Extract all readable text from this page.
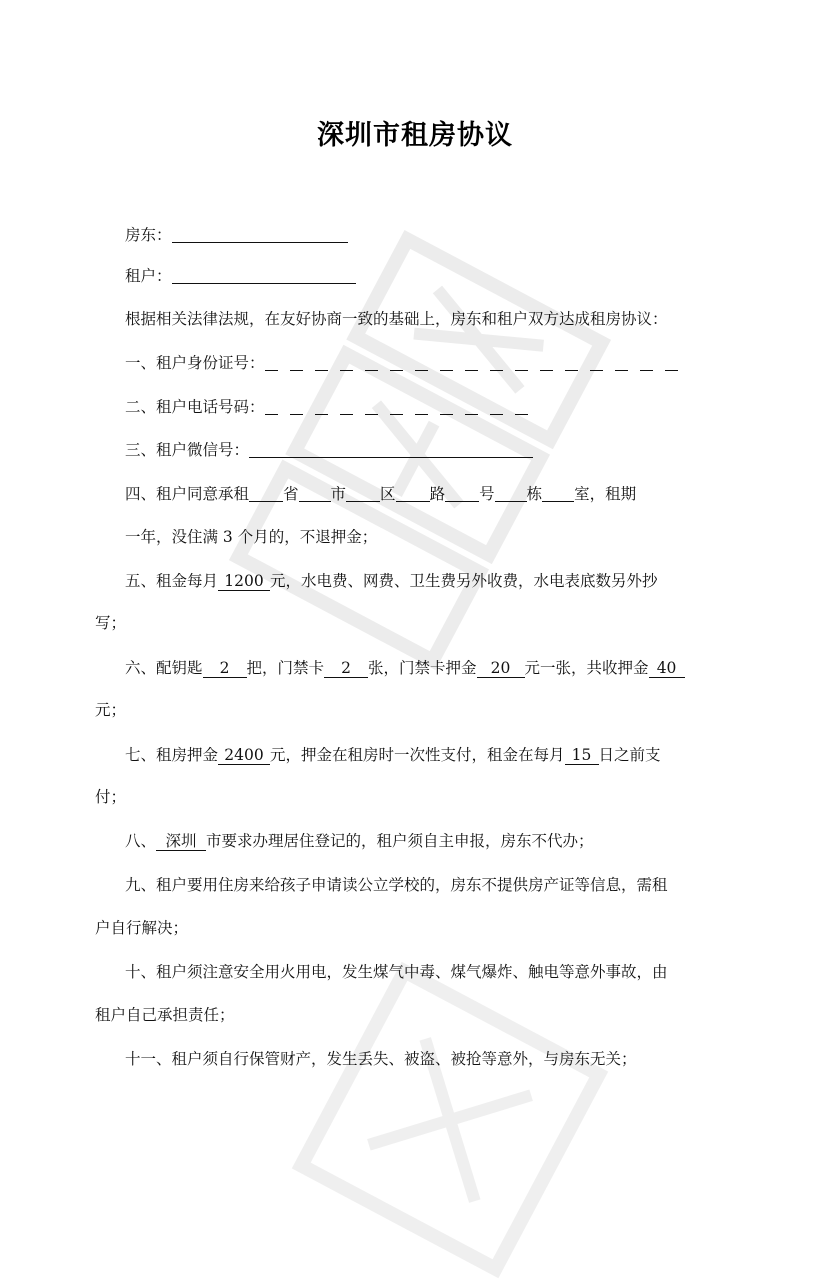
深圳市租房协议
房东：
租户：
根据相关法律法规，在友好协商一致的基础上，房东和租户双方达成租房协议：
一、租户身份证号：
二、租户电话号码：
三、租户微信号：
四、租户同意承租 省 市 区 路 号 栋 室，租期
一年，没住满 3 个月的，不退押金；
五、租金每月 1200 元，水电费、网费、卫生费另外收费，水电表底数另外抄
写；
六、配钥匙 2 把，门禁卡 2 张，门禁卡押金 20 元一张，共收押金 40
元；
七、租房押金 2400 元，押金在租房时一次性支付，租金在每月 15 日之前支
付；
八、 深圳 市要求办理居住登记的，租户须自主申报，房东不代办；
九、租户要用住房来给孩子申请读公立学校的，房东不提供房产证等信息，需租
户自行解决；
十、租户须注意安全用火用电，发生煤气中毒、煤气爆炸、触电等意外事故，由
租户自己承担责任；
十一、租户须自行保管财产，发生丢失、被盗、被抢等意外，与房东无关；
